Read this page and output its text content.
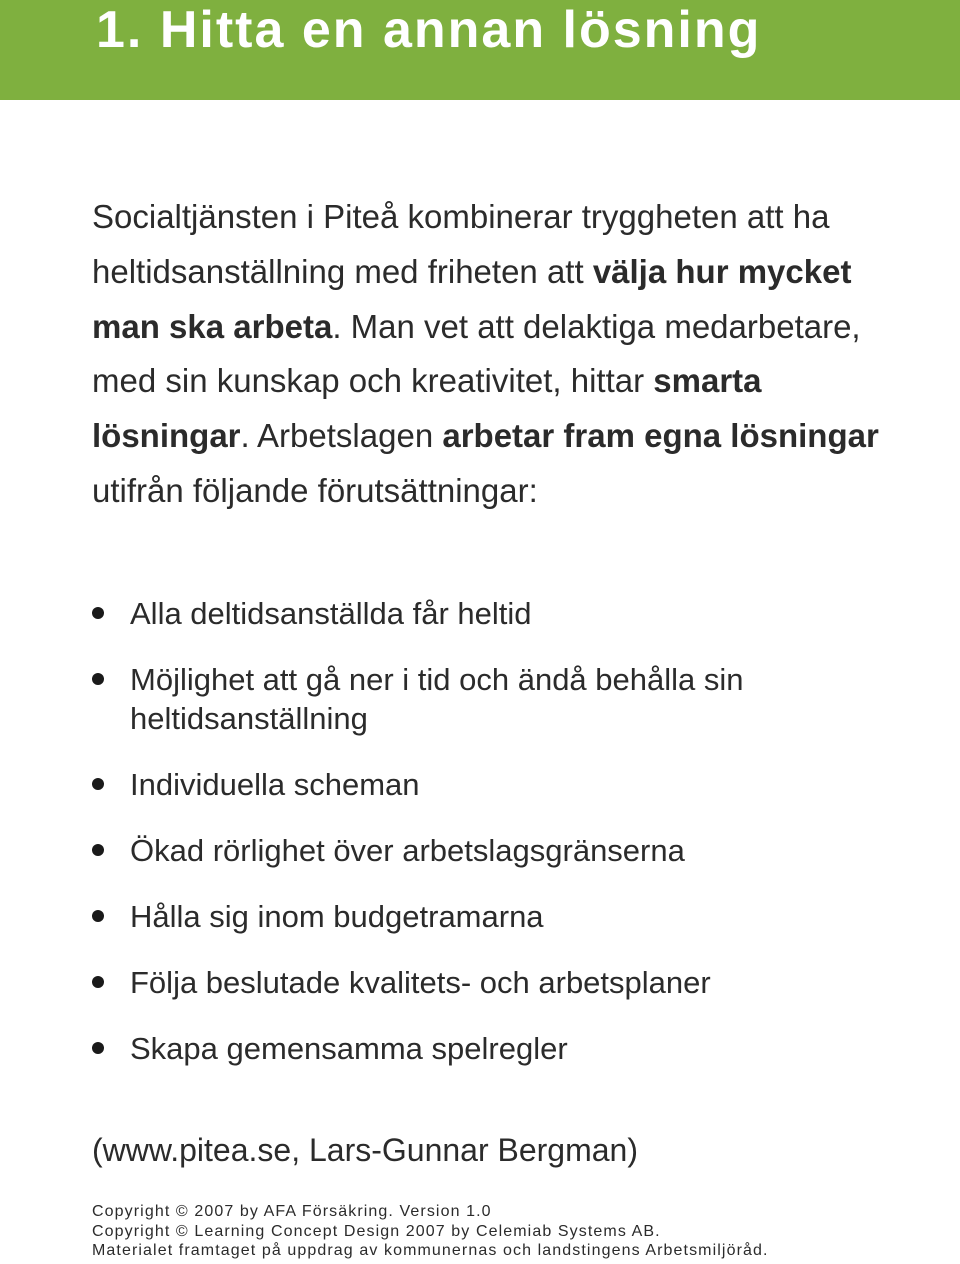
1. Hitta en annan lösning

Socialtjänsten i Piteå kombinerar tryggheten att ha heltidsanställning med friheten att välja hur mycket man ska arbeta. Man vet att delaktiga medarbetare, med sin kunskap och kreativitet, hittar smarta lösningar. Arbetslagen arbetar fram egna lösningar utifrån följande förutsättningar:

Alla deltidsanställda får heltid
Möjlighet att gå ner i tid och ändå behålla sin heltidsanställning
Individuella scheman
Ökad rörlighet över arbetslagsgränserna
Hålla sig inom budgetramarna
Följa beslutade kvalitets- och arbetsplaner
Skapa gemensamma spelregler

(www.pitea.se, Lars-Gunnar Bergman)

Copyright © 2007 by AFA Försäkring. Version 1.0
Copyright © Learning Concept Design 2007 by Celemiab Systems AB.
Materialet framtaget på uppdrag av kommunernas och landstingens Arbetsmiljöråd.
